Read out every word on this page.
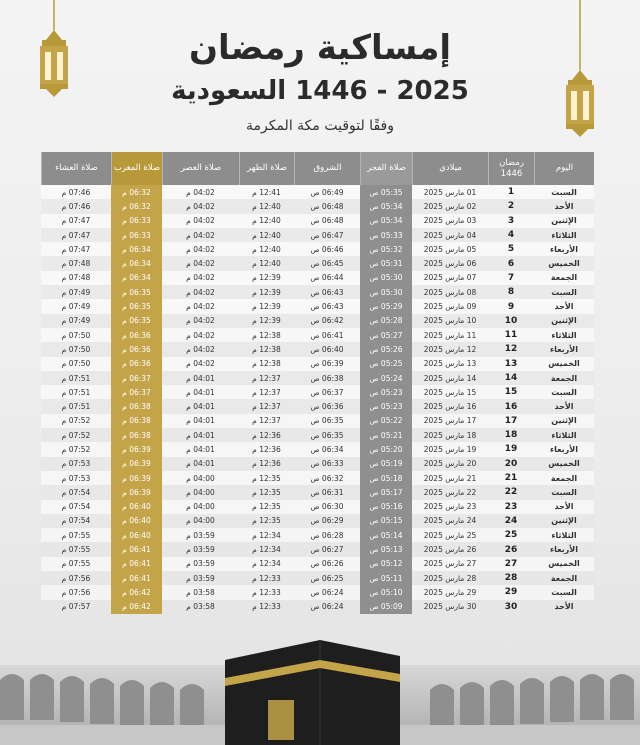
إمساكية رمضان
2025 - 1446 السعودية
وفقًا لتوقيت مكة المكرمة
اليوم
رمضان 1446
ميلادي
صلاة الفجر
الشروق
صلاة الظهر
صلاة العصر
صلاة المغرب
صلاة العشاء
السبت
1
01 مارس 2025
05:35 ص
06:49 ص
12:41 م
04:02 م
06:32 م
07:46 م
الأحد
2
02 مارس 2025
05:34 ص
06:48 ص
12:40 م
04:02 م
06:32 م
07:46 م
الإثنين
3
03 مارس 2025
05:34 ص
06:48 ص
12:40 م
04:02 م
06:33 م
07:47 م
الثلاثاء
4
04 مارس 2025
05:33 ص
06:47 ص
12:40 م
04:02 م
06:33 م
07:47 م
الأربعاء
5
05 مارس 2025
05:32 ص
06:46 ص
12:40 م
04:02 م
06:34 م
07:47 م
الخميس
6
06 مارس 2025
05:31 ص
06:45 ص
12:40 م
04:02 م
06:34 م
07:48 م
الجمعة
7
07 مارس 2025
05:30 ص
06:44 ص
12:39 م
04:02 م
06:34 م
07:48 م
السبت
8
08 مارس 2025
05:30 ص
06:43 ص
12:39 م
04:02 م
06:35 م
07:49 م
الأحد
9
09 مارس 2025
05:29 ص
06:43 ص
12:39 م
04:02 م
06:35 م
07:49 م
الإثنين
10
10 مارس 2025
05:28 ص
06:42 ص
12:39 م
04:02 م
06:35 م
07:49 م
الثلاثاء
11
11 مارس 2025
05:27 ص
06:41 ص
12:38 م
04:02 م
06:36 م
07:50 م
الأربعاء
12
12 مارس 2025
05:26 ص
06:40 ص
12:38 م
04:02 م
06:36 م
07:50 م
الخميس
13
13 مارس 2025
05:25 ص
06:39 ص
12:38 م
04:02 م
06:36 م
07:50 م
الجمعة
14
14 مارس 2025
05:24 ص
06:38 ص
12:37 م
04:01 م
06:37 م
07:51 م
السبت
15
15 مارس 2025
05:23 ص
06:37 ص
12:37 م
04:01 م
06:37 م
07:51 م
الأحد
16
16 مارس 2025
05:23 ص
06:36 ص
12:37 م
04:01 م
06:38 م
07:51 م
الإثنين
17
17 مارس 2025
05:22 ص
06:35 ص
12:37 م
04:01 م
06:38 م
07:52 م
الثلاثاء
18
18 مارس 2025
05:21 ص
06:35 ص
12:36 م
04:01 م
06:38 م
07:52 م
الأربعاء
19
19 مارس 2025
05:20 ص
06:34 ص
12:36 م
04:01 م
06:39 م
07:52 م
الخميس
20
20 مارس 2025
05:19 ص
06:33 ص
12:36 م
04:01 م
06:39 م
07:53 م
الجمعة
21
21 مارس 2025
05:18 ص
06:32 ص
12:35 م
04:00 م
06:39 م
07:53 م
السبت
22
22 مارس 2025
05:17 ص
06:31 ص
12:35 م
04:00 م
06:39 م
07:54 م
الأحد
23
23 مارس 2025
05:16 ص
06:30 ص
12:35 م
04:00 م
06:40 م
07:54 م
الإثنين
24
24 مارس 2025
05:15 ص
06:29 ص
12:35 م
04:00 م
06:40 م
07:54 م
الثلاثاء
25
25 مارس 2025
05:14 ص
06:28 ص
12:34 م
03:59 م
06:40 م
07:55 م
الأربعاء
26
26 مارس 2025
05:13 ص
06:27 ص
12:34 م
03:59 م
06:41 م
07:55 م
الخميس
27
27 مارس 2025
05:12 ص
06:26 ص
12:34 م
03:59 م
06:41 م
07:55 م
الجمعة
28
28 مارس 2025
05:11 ص
06:25 ص
12:33 م
03:59 م
06:41 م
07:56 م
السبت
29
29 مارس 2025
05:10 ص
06:24 ص
12:33 م
03:58 م
06:42 م
07:56 م
الأحد
30
30 مارس 2025
05:09 ص
06:24 ص
12:33 م
03:58 م
06:42 م
07:57 م
